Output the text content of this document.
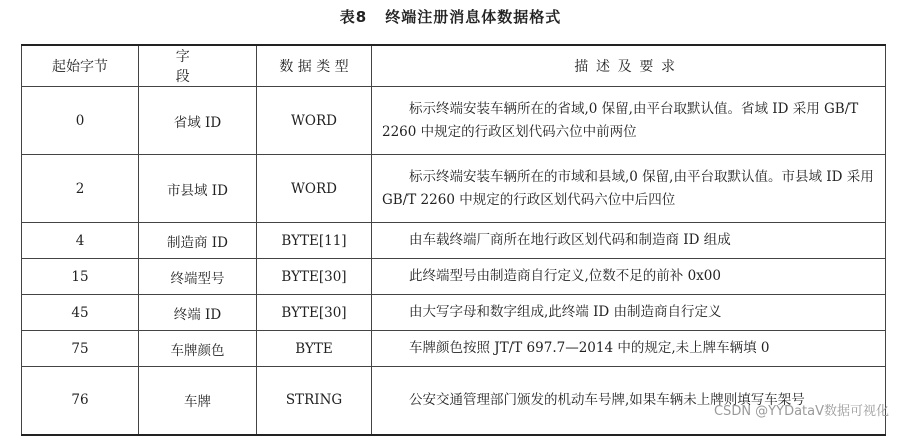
表8 终端注册消息体数据格式
起始字节	字 段	数 据 类 型	描述及要求
0	省域 ID	WORD	标示终端安装车辆所在的省域,0 保留,由平台取默认值。省域 ID 采用 GB/T 2260 中规定的行政区划代码六位中前两位
2	市县域 ID	WORD	标示终端安装车辆所在的市域和县域,0 保留,由平台取默认值。市县域 ID 采用 GB/T 2260 中规定的行政区划代码六位中后四位
4	制造商 ID	BYTE[11]	由车载终端厂商所在地行政区划代码和制造商 ID 组成
15	终端型号	BYTE[30]	此终端型号由制造商自行定义,位数不足的前补 0x00
45	终端 ID	BYTE[30]	由大写字母和数字组成,此终端 ID 由制造商自行定义
75	车牌颜色	BYTE	车牌颜色按照 JT/T 697.7—2014 中的规定,未上牌车辆填 0
76	车牌	STRING	公安交通管理部门颁发的机动车号牌,如果车辆未上牌则填写车架号
CSDN @YYDataV数据可视化
